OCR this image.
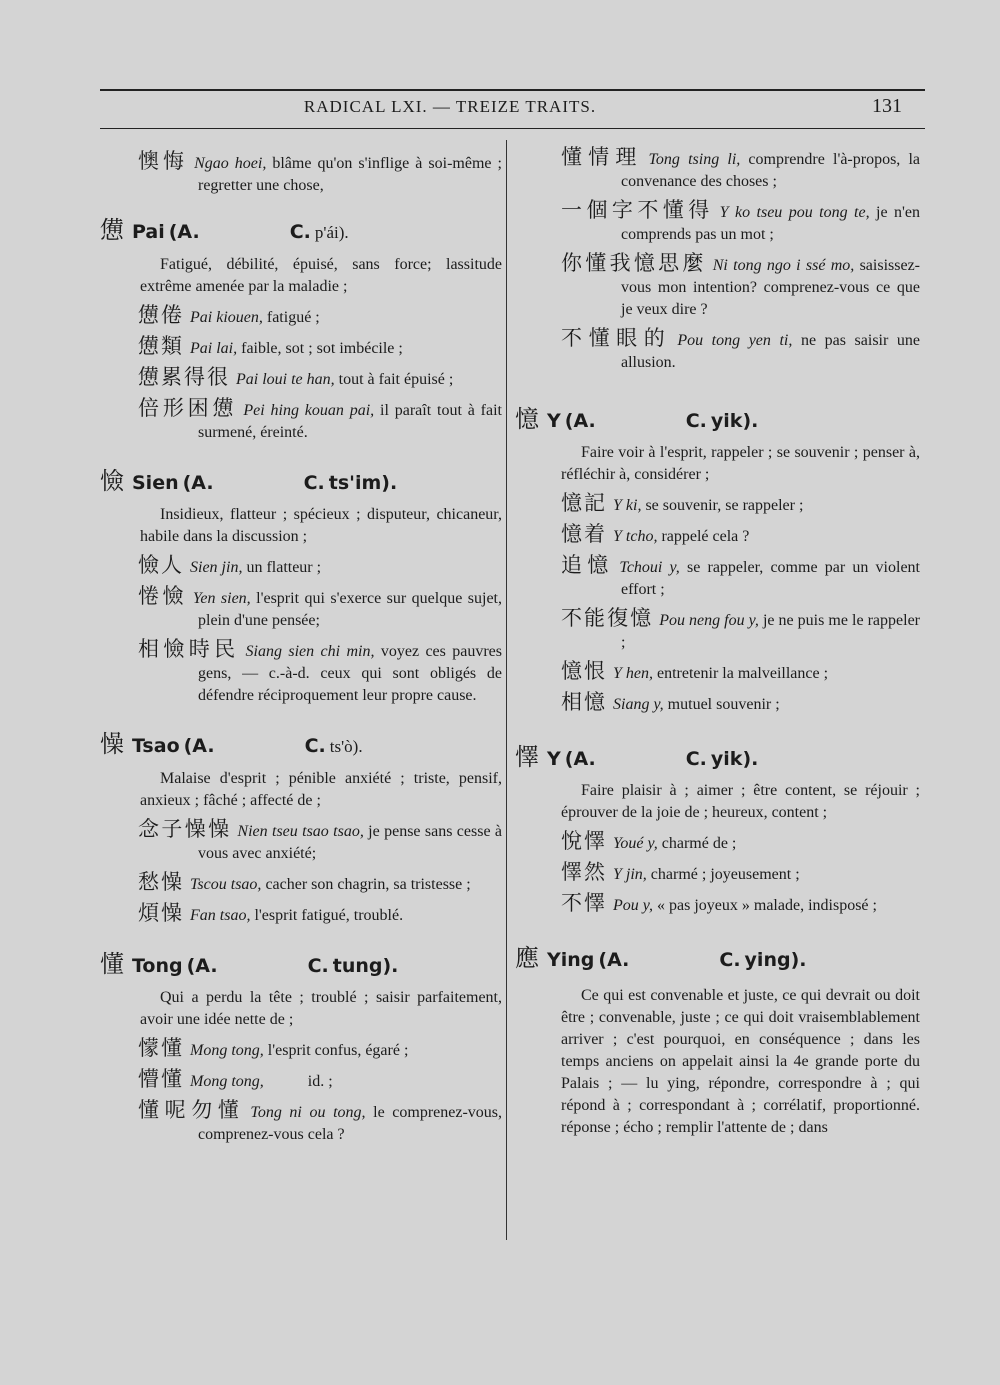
RADICAL LXI. — TREIZE TRAITS.	131
懊悔 Ngao hoei, blâme qu'on s'inflige à soi-même ; regretter une chose,
憊 Pai (A.	C. p'ái).
Fatigué, débilité, épuisé, sans force; lassitude extrême amenée par la maladie ;
憊倦 Pai kiouen, fatigué ;
憊類 Pai lai, faible, sot ; sot imbécile ;
憊累得很 Pai loui te han, tout à fait épuisé ;
倍形困憊 Pei hing kouan pai, il paraît tout à fait surmené, éreinté.
憸 Sien (A.	C. ts'im).
Insidieux, flatteur ; spécieux ; disputeur, chicaneur, habile dans la discussion ;
憸人 Sien jin, un flatteur ;
惓憸 Yen sien, l'esprit qui s'exerce sur quelque sujet, plein d'une pensée;
相憸時民 Siang sien chi min, voyez ces pauvres gens, — c.-à-d. ceux qui sont obligés de défendre réciproquement leur propre cause.
懆 Tsao (A.	C. ts'ò).
Malaise d'esprit ; pénible anxiété ; triste, pensif, anxieux ; fâché ; affecté de ;
念子懆懆 Nien tseu tsao tsao, je pense sans cesse à vous avec anxiété;
愁懆 Tscou tsao, cacher son chagrin, sa tristesse ;
煩懆 Fan tsao, l'esprit fatigué, troublé.
懂 Tong (A.	C. tung).
Qui a perdu la tête ; troublé ; saisir parfaitement, avoir une idée nette de ;
懞懂 Mong tong, l'esprit confus, égaré ;
懵懂 Mong tong,           id. ;
懂呢勿懂 Tong ni ou tong, le comprenez-vous, comprenez-vous cela ?
懂情理 Tong tsing li, comprendre l'à-propos, la convenance des choses ;
一個字不懂得 Y ko tseu pou tong te, je n'en comprends pas un mot ;
你懂我憶思麼 Ni tong ngo i ssé mo, saisissez-vous mon intention? comprenez-vous ce que je veux dire ?
不懂眼的 Pou tong yen ti, ne pas saisir une allusion.
憶 Y (A.	C. yik).
Faire voir à l'esprit, rappeler ; se souvenir ; penser à, réfléchir à, considérer ;
憶記 Y ki, se souvenir, se rappeler ;
憶着 Y tcho, rappelé cela ?
追憶 Tchoui y, se rappeler, comme par un violent effort ;
不能復憶 Pou neng fou y, je ne puis me le rappeler ;
憶恨 Y hen, entretenir la malveillance ;
相憶 Siang y, mutuel souvenir ;
懌 Y (A.	C. yik).
Faire plaisir à ; aimer ; être content, se réjouir ; éprouver de la joie de ; heureux, content ;
悅懌 Youé y, charmé de ;
懌然 Y jin, charmé ; joyeusement ;
不懌 Pou y, « pas joyeux » malade, indisposé ;
應 Ying (A.	C. ying).
Ce qui est convenable et juste, ce qui devrait ou doit être ; convenable, juste ; ce qui doit vraisemblablement arriver ; c'est pourquoi, en conséquence ; dans les temps anciens on appelait ainsi la 4e grande porte du Palais ; — lu ying, répondre, correspondre à ; qui répond à ; correspondant à ; corrélatif, proportionné. réponse ; écho ; remplir l'attente de ; dans
